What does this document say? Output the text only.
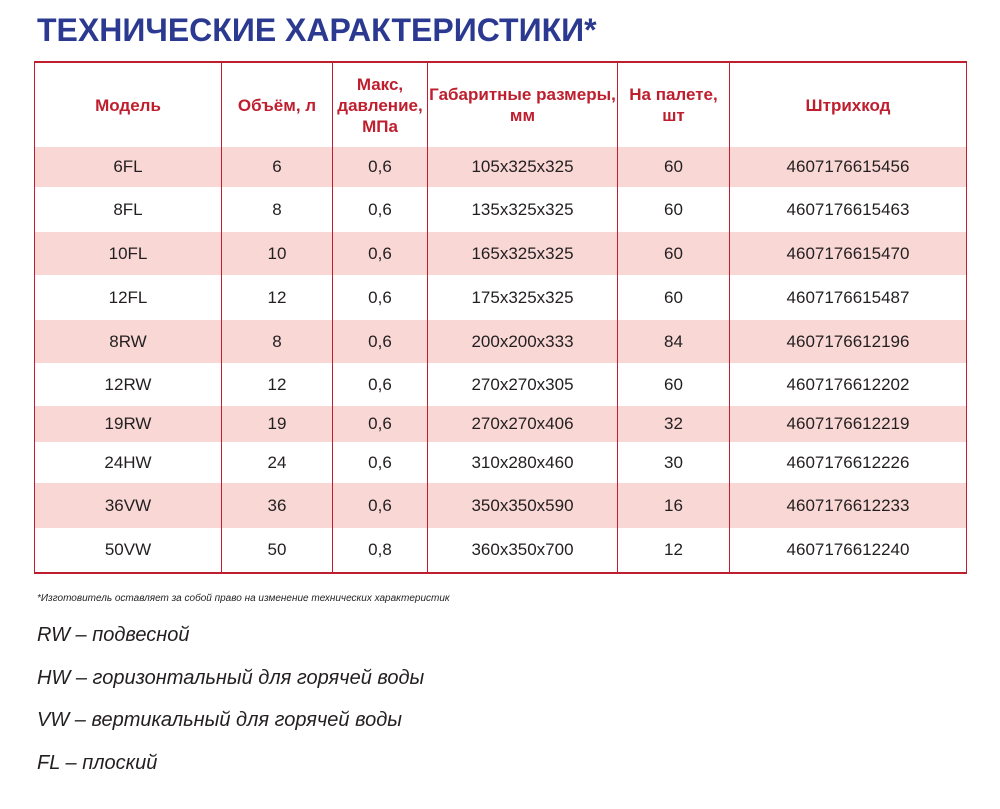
ТЕХНИЧЕСКИЕ ХАРАКТЕРИСТИКИ*
Модель	Объём, л	Макс, давление, МПа	Габаритные размеры, мм	На палете, шт	Штрихкод
6FL	6	0,6	105x325x325	60	4607176615456
8FL	8	0,6	135x325x325	60	4607176615463
10FL	10	0,6	165x325x325	60	4607176615470
12FL	12	0,6	175x325x325	60	4607176615487
8RW	8	0,6	200x200x333	84	4607176612196
12RW	12	0,6	270x270x305	60	4607176612202
19RW	19	0,6	270x270x406	32	4607176612219
24HW	24	0,6	310x280x460	30	4607176612226
36VW	36	0,6	350x350x590	16	4607176612233
50VW	50	0,8	360x350x700	12	4607176612240
*Изготовитель оставляет за собой право на изменение технических характеристик
RW – подвесной
HW – горизонтальный для горячей воды
VW – вертикальный для горячей воды
FL – плоский
